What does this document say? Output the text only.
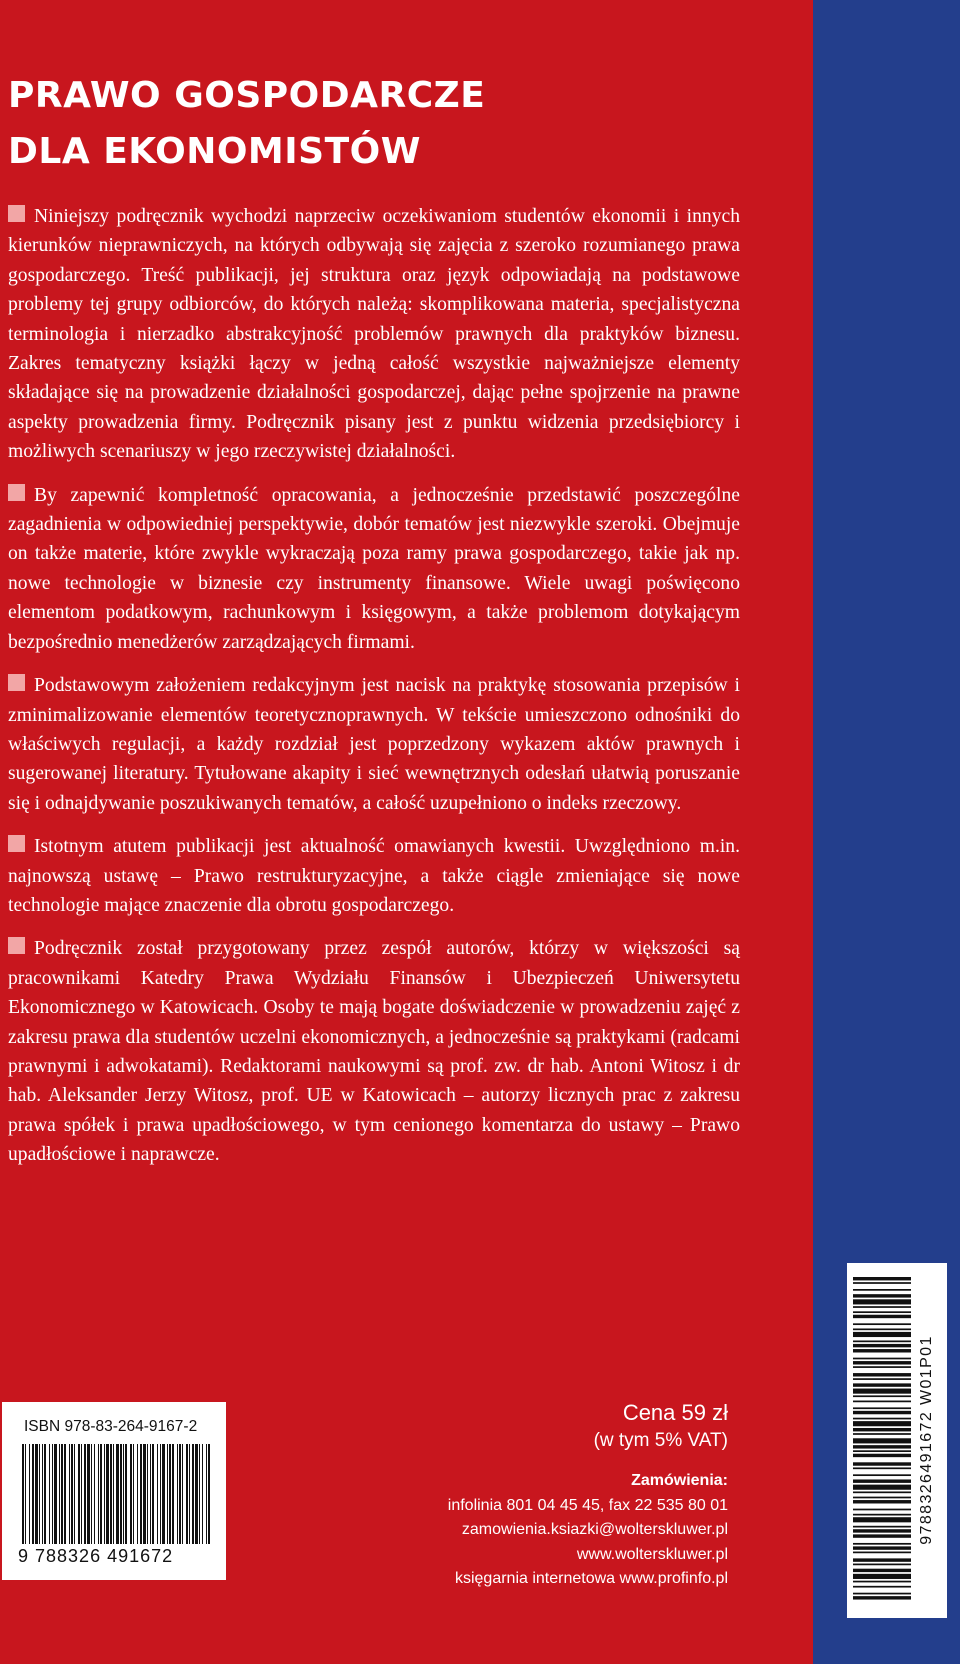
PRAWO GOSPODARCZE
DLA EKONOMISTÓW

Niniejszy podręcznik wychodzi naprzeciw oczekiwaniom studentów ekonomii i innych kierunków nieprawniczych, na których odbywają się zajęcia z szeroko rozumianego prawa gospodarczego. Treść publikacji, jej struktura oraz język odpowiadają na podstawowe problemy tej grupy odbiorców, do których należą: skomplikowana materia, specjalistyczna terminologia i nierzadko abstrakcyjność problemów prawnych dla praktyków biznesu. Zakres tematyczny książki łączy w jedną całość wszystkie najważniejsze elementy składające się na prowadzenie działalności gospodarczej, dając pełne spojrzenie na prawne aspekty prowadzenia firmy. Podręcznik pisany jest z punktu widzenia przedsiębiorcy i możliwych scenariuszy w jego rzeczywistej działalności.

By zapewnić kompletność opracowania, a jednocześnie przedstawić poszczególne zagadnienia w odpowiedniej perspektywie, dobór tematów jest niezwykle szeroki. Obejmuje on także materie, które zwykle wykraczają poza ramy prawa gospodarczego, takie jak np. nowe technologie w biznesie czy instrumenty finansowe. Wiele uwagi poświęcono elementom podatkowym, rachunkowym i księgowym, a także problemom dotykającym bezpośrednio menedżerów zarządzających firmami.

Podstawowym założeniem redakcyjnym jest nacisk na praktykę stosowania przepisów i zminimalizowanie elementów teoretycznoprawnych. W tekście umieszczono odnośniki do właściwych regulacji, a każdy rozdział jest poprzedzony wykazem aktów prawnych i sugerowanej literatury. Tytułowane akapity i sieć wewnętrznych odesłań ułatwią poruszanie się i odnajdywanie poszukiwanych tematów, a całość uzupełniono o indeks rzeczowy.

Istotnym atutem publikacji jest aktualność omawianych kwestii. Uwzględniono m.in. najnowszą ustawę – Prawo restrukturyzacyjne, a także ciągle zmieniające się nowe technologie mające znaczenie dla obrotu gospodarczego.

Podręcznik został przygotowany przez zespół autorów, którzy w większości są pracownikami Katedry Prawa Wydziału Finansów i Ubezpieczeń Uniwersytetu Ekonomicznego w Katowicach. Osoby te mają bogate doświadczenie w prowadzeniu zajęć z zakresu prawa dla studentów uczelni ekonomicznych, a jednocześnie są praktykami (radcami prawnymi i adwokatami). Redaktorami naukowymi są prof. zw. dr hab. Antoni Witosz i dr hab. Aleksander Jerzy Witosz, prof. UE w Katowicach – autorzy licznych prac z zakresu prawa spółek i prawa upadłościowego, w tym cenionego komentarza do ustawy – Prawo upadłościowe i naprawcze.

ISBN 978-83-264-9167-2
9 788326 491672
Cena 59 zł
(w tym 5% VAT)
Zamówienia:
infolinia 801 04 45 45, fax 22 535 80 01
zamowienia.ksiazki@wolterskluwer.pl
www.wolterskluwer.pl
księgarnia internetowa www.profinfo.pl
9788326491672 W01P01
